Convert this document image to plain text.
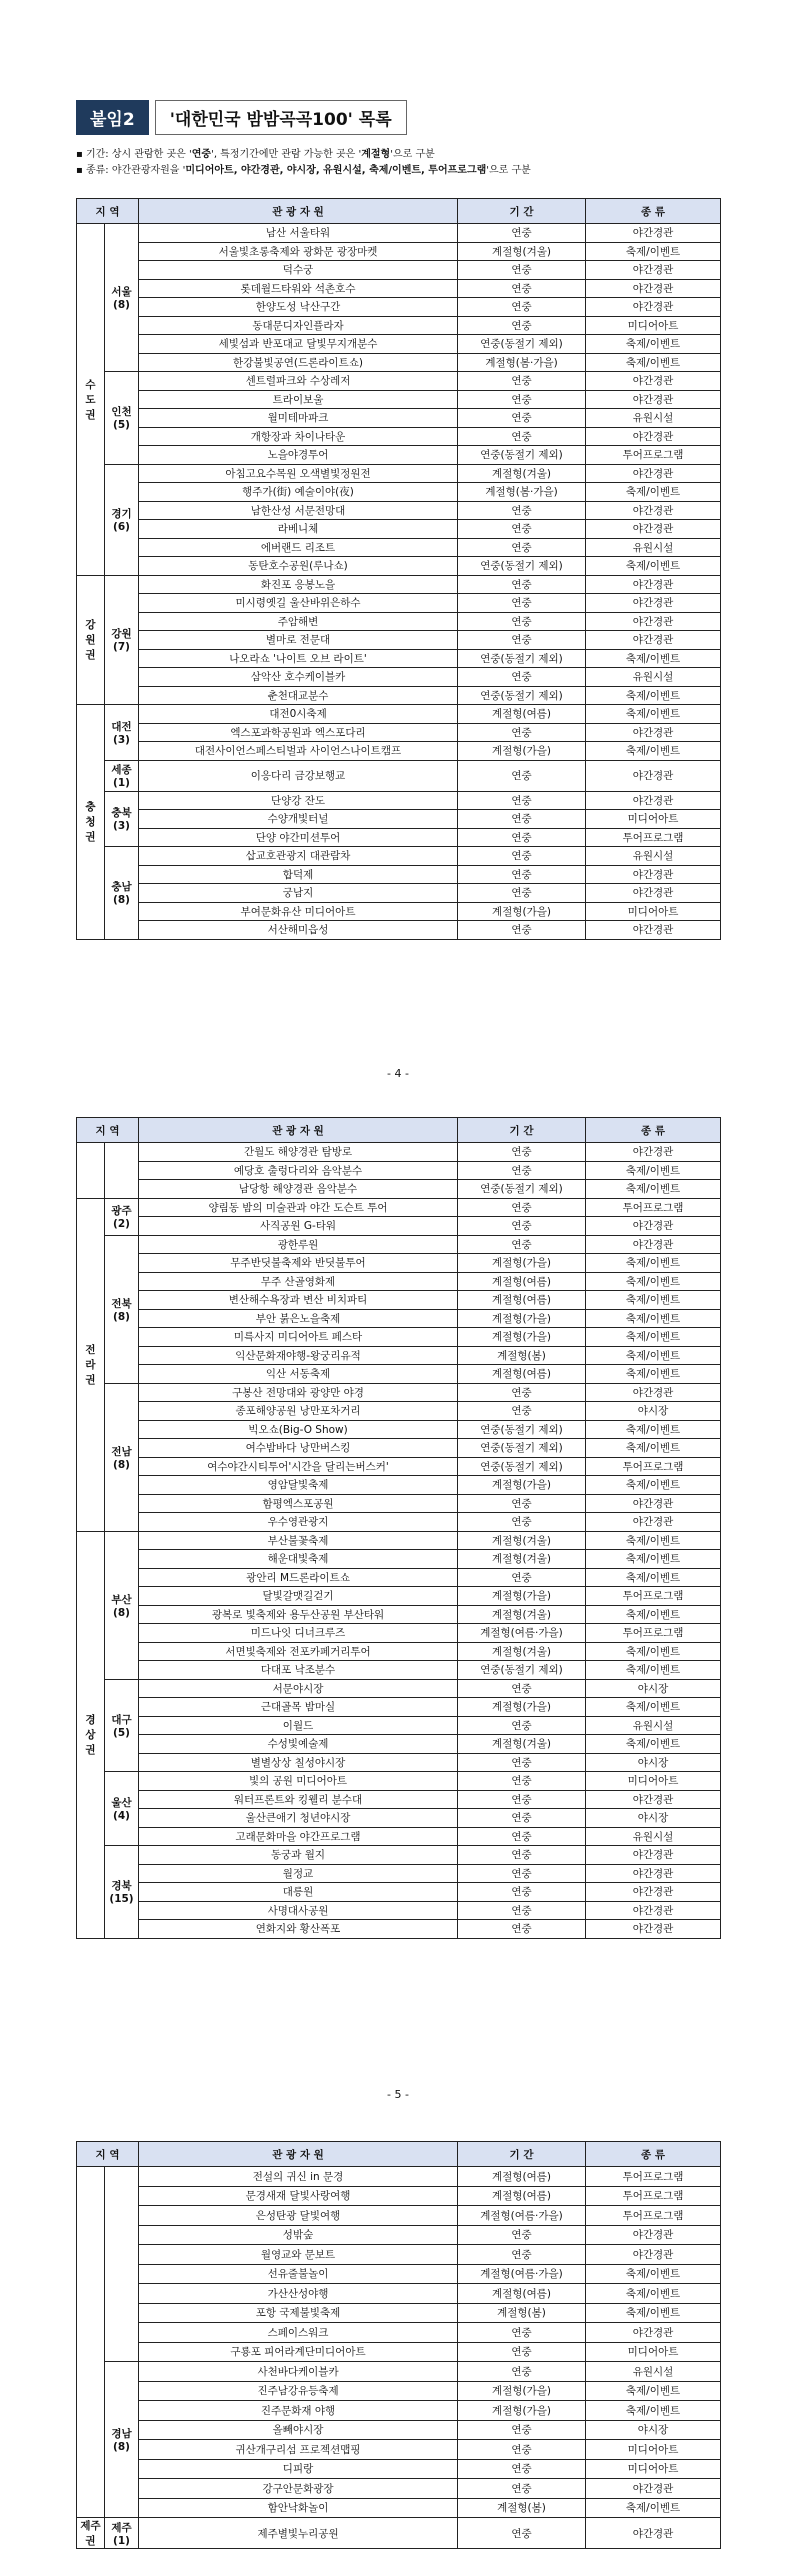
붙임2 '대한민국 밤밤곡곡100' 목록
▪ 기간: 상시 관람한 곳은 '연중', 특정기간에만 관람 가능한 곳은 '계절형'으로 구분
▪ 종류: 야간관광자원을 '미디어아트, 야간경관, 야시장, 유원시설, 축제/이벤트, 투어프로그램'으로 구분
지 역		관 광 자 원	기 간	종 류
수
도
권	서울
(8)	남산 서울타워	연중	야간경관
		서울빛초롱축제와 광화문 광장마켓	계절형(겨울)	축제/이벤트
		덕수궁	연중	야간경관
		롯데월드타워와 석촌호수	연중	야간경관
		한양도성 낙산구간	연중	야간경관
		동대문디자인플라자	연중	미디어아트
		세빛섬과 반포대교 달빛무지개분수	연중(동절기 제외)	축제/이벤트
		한강불빛공연(드론라이트쇼)	계절형(봄·가을)	축제/이벤트
	인천
(5)	센트럴파크와 수상레저	연중	야간경관
		트라이보울	연중	야간경관
		월미테마파크	연중	유원시설
		개항장과 차이나타운	연중	야간경관
		노을야경투어	연중(동절기 제외)	투어프로그램
	경기
(6)	아침고요수목원 오색별빛정원전	계절형(겨울)	야간경관
		행주가(街) 예술이야(夜)	계절형(봄·가을)	축제/이벤트
		남한산성 서문전망대	연중	야간경관
		라베니체	연중	야간경관
		에버랜드 리조트	연중	유원시설
		동탄호수공원(루나쇼)	연중(동절기 제외)	축제/이벤트
강
원
권	강원
(7)	화진포 응봉노을	연중	야간경관
		미시령옛길 울산바위은하수	연중	야간경관
		주암해변	연중	야간경관
		별마로 전문대	연중	야간경관
		나오라쇼 '나이트 오브 라이트'	연중(동절기 제외)	축제/이벤트
		삼악산 호수케이블카	연중	유원시설
		춘천대교분수	연중(동절기 제외)	축제/이벤트
충
청
권	대전
(3)	대전0시축제	계절형(여름)	축제/이벤트
		엑스포과학공원과 엑스포다리	연중	야간경관
		대전사이언스페스티벌과 사이언스나이트캠프	계절형(가을)	축제/이벤트
	세종
(1)	이응다리 금강보행교	연중	야간경관
	충북
(3)	단양강 잔도	연중	야간경관
		수양개빛터널	연중	미디어아트
		단양 야간미션투어	연중	투어프로그램
	충남
(8)	삽교호관광지 대관람차	연중	유원시설
		합덕제	연중	야간경관
		궁남지	연중	야간경관
		부여문화유산 미디어아트	계절형(가을)	미디어아트
		서산해미읍성	연중	야간경관
지 역		관 광 자 원	기 간	종 류
		간월도 해양경관 탐방로	연중	야간경관
		예당호 출렁다리와 음악분수	연중	축제/이벤트
		남당항 해양경관 음악분수	연중(동절기 제외)	축제/이벤트
전
라
권	광주
(2)	양림동 밤의 미술관과 야간 도슨트 투어	연중	투어프로그램
		사직공원 G-타워	연중	야간경관
	전북
(8)	광한루원	연중	야간경관
		무주반딧불축제와 반딧불투어	계절형(가을)	축제/이벤트
		무주 산골영화제	계절형(여름)	축제/이벤트
		변산해수욕장과 변산 비치파티	계절형(여름)	축제/이벤트
		부안 붉은노을축제	계절형(가을)	축제/이벤트
		미륵사지 미디어아트 페스타	계절형(가을)	축제/이벤트
		익산문화재야행-왕궁리유적	계절형(봄)	축제/이벤트
		익산 서동축제	계절형(여름)	축제/이벤트
	전남
(8)	구봉산 전망대와 광양만 야경	연중	야간경관
		종포해양공원 낭만포차거리	연중	야시장
		빅오쇼(Big-O Show)	연중(동절기 제외)	축제/이벤트
		여수밤바다 낭만버스킹	연중(동절기 제외)	축제/이벤트
		여수야간시티투어'시간을 달리는버스커'	연중(동절기 제외)	투어프로그램
		영암달빛축제	계절형(가을)	축제/이벤트
		함평엑스포공원	연중	야간경관
		우수영관광지	연중	야간경관
경
상
권	부산
(8)	부산불꽃축제	계절형(겨울)	축제/이벤트
		해운대빛축제	계절형(겨울)	축제/이벤트
		광안리 M드론라이트쇼	연중	축제/이벤트
		달빛갈맷길걷기	계절형(가을)	투어프로그램
		광복로 빛축제와 용두산공원 부산타워	계절형(겨울)	축제/이벤트
		미드나잇 디너크루즈	계절형(여름·가을)	투어프로그램
		서면빛축제와 전포카페거리투어	계절형(겨울)	축제/이벤트
		다대포 낙조분수	연중(동절기 제외)	축제/이벤트
	대구
(5)	서문야시장	연중	야시장
		근대골목 밤마실	계절형(가을)	축제/이벤트
		이월드	연중	유원시설
		수성빛예술제	계절형(겨울)	축제/이벤트
		별별상상 칠성야시장	연중	야시장
	울산
(4)	빛의 공원 미디어아트	연중	미디어아트
		워터프론트와 킹웰리 분수대	연중	야간경관
		울산큰애기 청년야시장	연중	야시장
		고래문화마을 야간프로그램	연중	유원시설
	경북
(15)	동궁과 월지	연중	야간경관
		월정교	연중	야간경관
		대릉원	연중	야간경관
		사명대사공원	연중	야간경관
		연화지와 황산폭포	연중	야간경관
지 역		관 광 자 원	기 간	종 류
		전설의 귀신 in 문경	계절형(여름)	투어프로그램
		문경새재 달빛사랑여행	계절형(여름)	투어프로그램
		은성탄광 달빛여행	계절형(여름·가을)	투어프로그램
		성밖숲	연중	야간경관
		월영교와 문보트	연중	야간경관
		선유줄불놀이	계절형(여름·가을)	축제/이벤트
		가산산성야행	계절형(여름)	축제/이벤트
		포항 국제불빛축제	계절형(봄)	축제/이벤트
		스페이스워크	연중	야간경관
		구룡포 피어라계단미디어아트	연중	미디어아트
	경남
(8)	사천바다케이블카	연중	유원시설
		진주남강유등축제	계절형(가을)	축제/이벤트
		진주문화재 야행	계절형(가을)	축제/이벤트
		올빼야시장	연중	야시장
		귀산개구리섬 프로젝션맵핑	연중	미디어아트
		디피랑	연중	미디어아트
		강구안문화광장	연중	야간경관
		함안낙화놀이	계절형(봄)	축제/이벤트
제주
권	제주
(1)	제주별빛누리공원	연중	야간경관
- 4 -
- 5 -
